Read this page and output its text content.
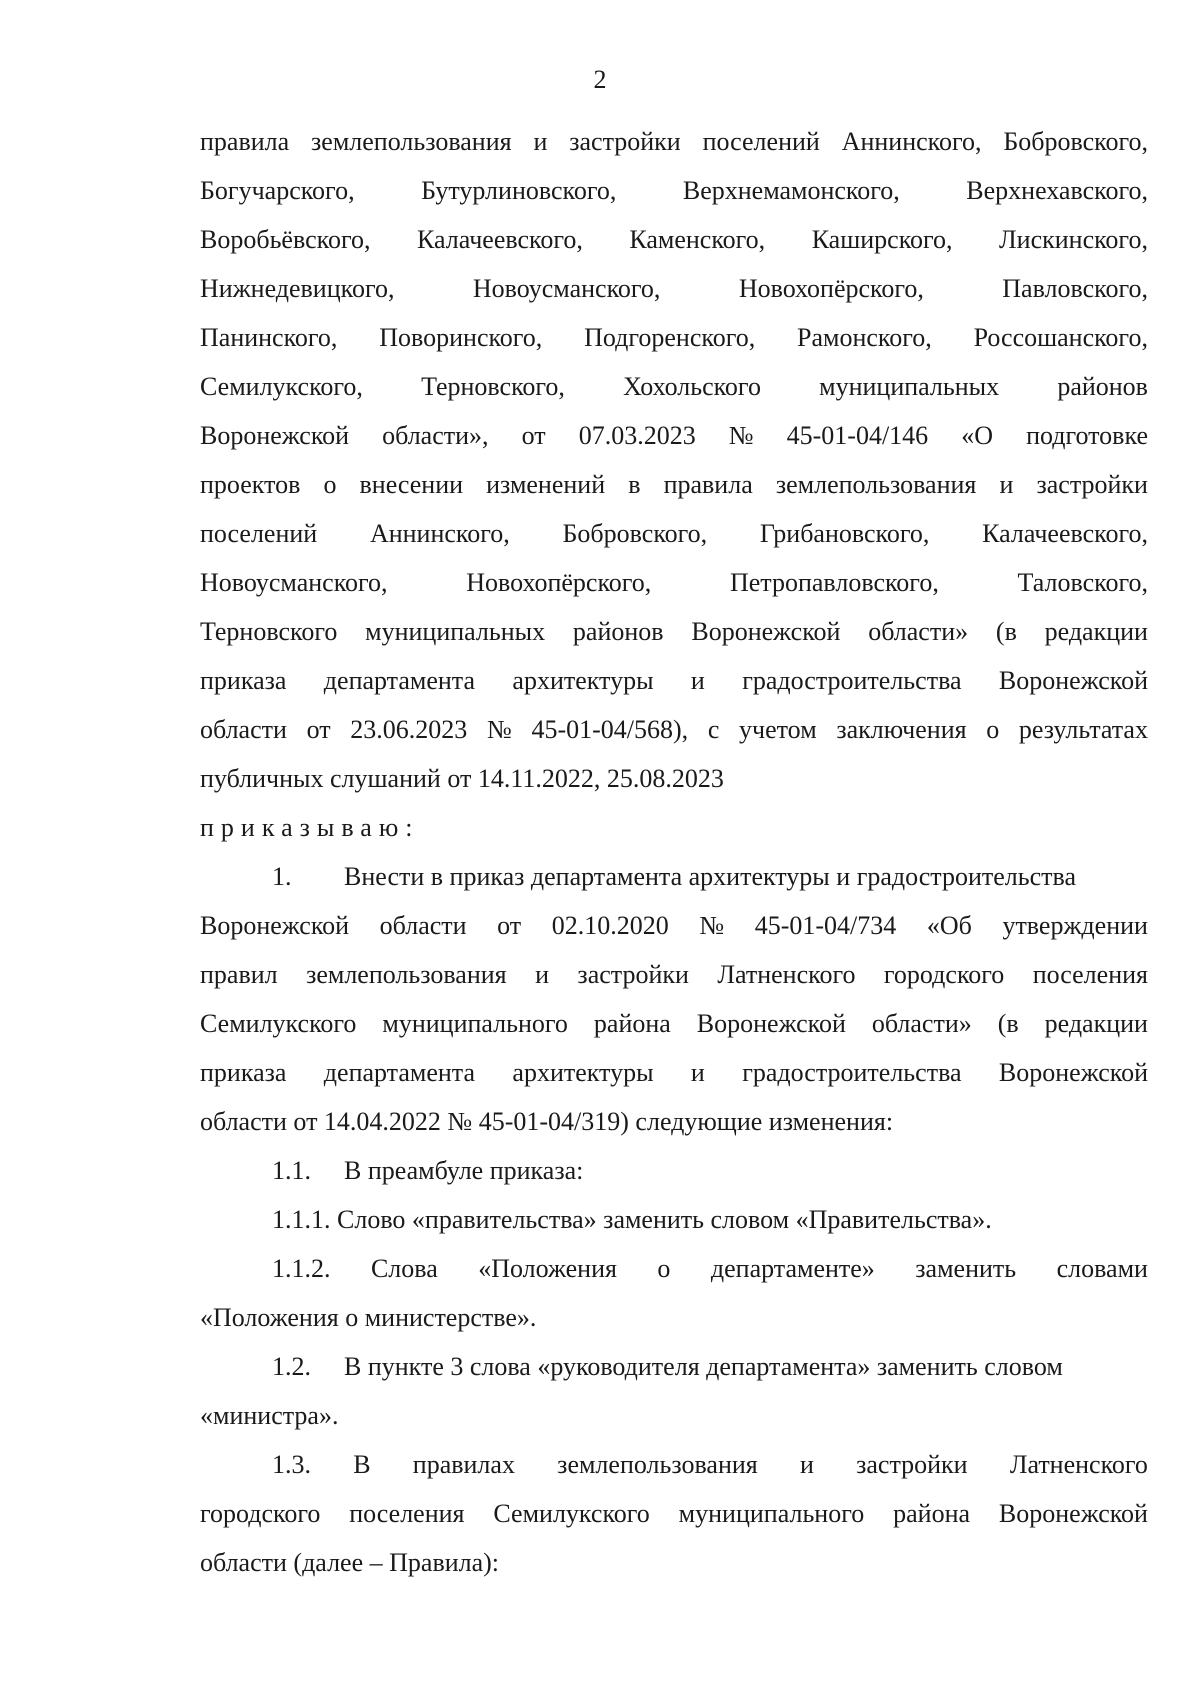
2
правила землепользования и застройки поселений Аннинского, Бобровского,
Богучарского,	Бутурлиновского,	Верхнемамонского,	Верхнехавского,
Воробьёвского, Калачеевского, Каменского, Каширского, Лискинского,
Нижнедевицкого,	Новоусманского,	Новохопёрского,	Павловского,
Панинского, Поворинского, Подгоренского, Рамонского, Россошанского,
Семилукского, Терновского, Хохольского муниципальных районов
Воронежской области», от 07.03.2023 № 45-01-04/146 «О подготовке
проектов о внесении изменений в правила землепользования и застройки
поселений Аннинского, Бобровского, Грибановского, Калачеевского,
Новоусманского,	Новохопёрского,	Петропавловского,	Таловского,
Терновского муниципальных районов Воронежской области» (в редакции
приказа департамента архитектуры и градостроительства Воронежской
области от 23.06.2023 № 45-01-04/568), с учетом заключения о результатах
публичных слушаний от 14.11.2022, 25.08.2023
приказываю:
1. Внести в приказ департамента архитектуры и градостроительства
Воронежской области от 02.10.2020 № 45-01-04/734 «Об утверждении
правил землепользования и застройки Латненского городского поселения
Семилукского муниципального района Воронежской области» (в редакции
приказа департамента архитектуры и градостроительства Воронежской
области от 14.04.2022 № 45-01-04/319) следующие изменения:
1.1. В преамбуле приказа:
1.1.1. Слово «правительства» заменить словом «Правительства».
1.1.2. Слова «Положения о департаменте» заменить словами
«Положения о министерстве».
1.2. В пункте 3 слова «руководителя департамента» заменить словом
«министра».
1.3. В правилах землепользования и застройки Латненского
городского поселения Семилукского муниципального района Воронежской
области (далее – Правила):
